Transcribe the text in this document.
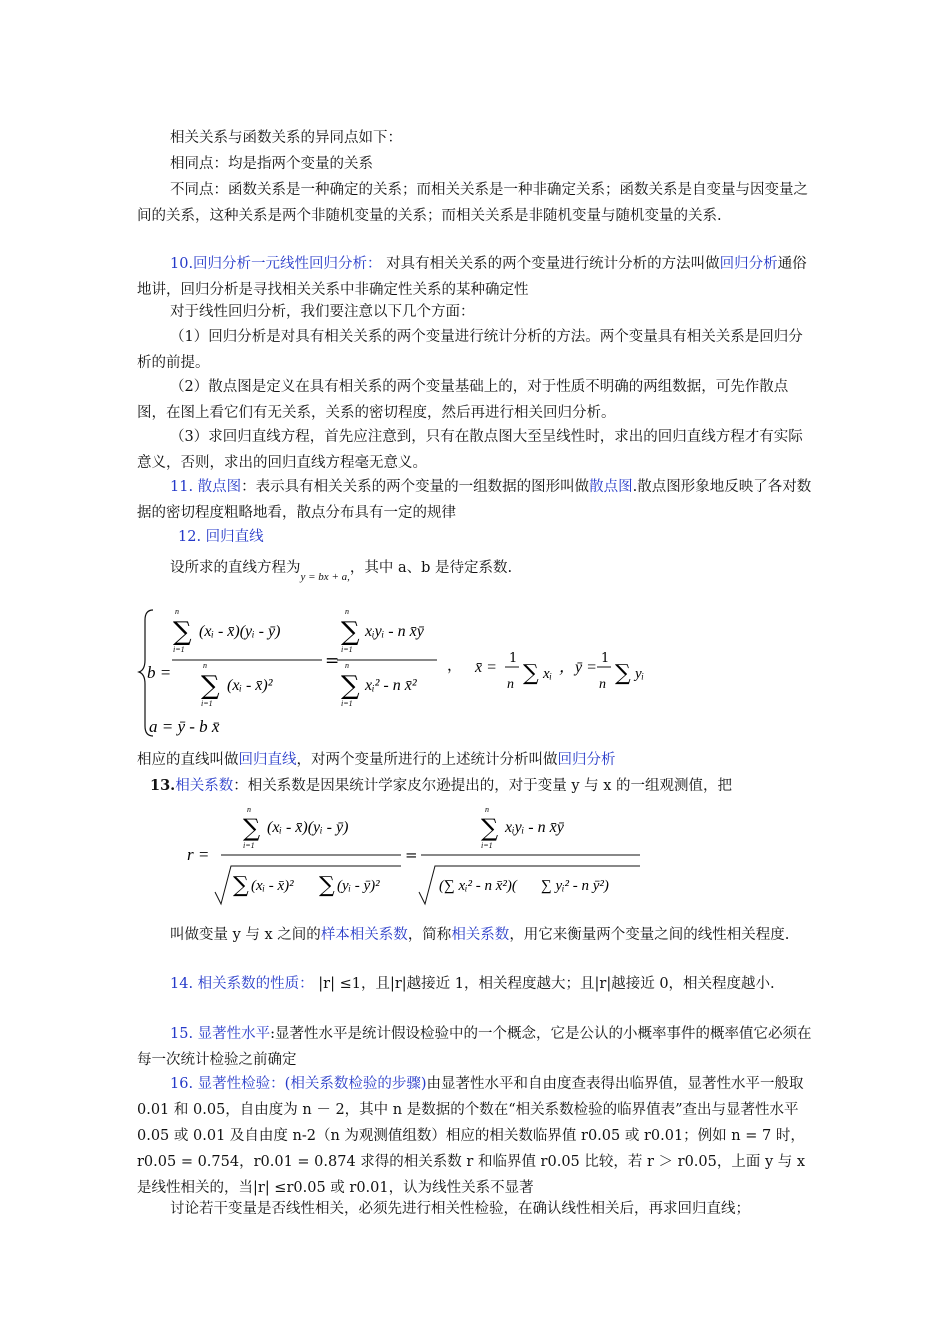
相关关系与函数关系的异同点如下：

相同点：均是指两个变量的关系

不同点：函数关系是一种确定的关系；而相关关系是一种非确定关系；函数关系是自变量与因变量之间的关系，这种关系是两个非随机变量的关系；而相关关系是非随机变量与随机变量的关系.

10.回归分析一元线性回归分析： 对具有相关关系的两个变量进行统计分析的方法叫做回归分析通俗地讲，回归分析是寻找相关关系中非确定性关系的某种确定性

对于线性回归分析，我们要注意以下几个方面：

（1）回归分析是对具有相关关系的两个变量进行统计分析的方法。两个变量具有相关关系是回归分析的前提。

（2）散点图是定义在具有相关系的两个变量基础上的，对于性质不明确的两组数据，可先作散点图，在图上看它们有无关系，关系的密切程度，然后再进行相关回归分析。

（3）求回归直线方程，首先应注意到，只有在散点图大至呈线性时，求出的回归直线方程才有实际意义，否则，求出的回归直线方程毫无意义。

11. 散点图：表示具有相关关系的两个变量的一组数据的图形叫做散点图.散点图形象地反映了各对数据的密切程度粗略地看，散点分布具有一定的规律

12. 回归直线

设所求的直线方程为$_{y = bx + a,}$，其中 a、b 是待定系数.

b =
n
∑
i=1
(xᵢ - x̄)(yᵢ - ȳ)
n
∑
i=1
(xᵢ - x̄)²
=
n
∑
i=1
xᵢyᵢ - n x̄ȳ
n
∑
i=1
xᵢ² - n x̄²
， x̄ =
1
n ∑ xᵢ ，ȳ =
1
n ∑ yᵢ
a = ȳ - b x̄

相应的直线叫做回归直线，对两个变量所进行的上述统计分析叫做回归分析

13.相关系数：相关系数是因果统计学家皮尔逊提出的，对于变量 y 与 x 的一组观测值，把

r =
n
∑
i=1
(xᵢ - x̄)(yᵢ - ȳ)
∑ (xᵢ - x̄)² ∑ (yᵢ - ȳ)²
=
n
∑
i=1
xᵢyᵢ - n x̄ȳ
(∑ xᵢ² - n x̄²)( ∑ yᵢ² - n ȳ²)

叫做变量 y 与 x 之间的样本相关系数，简称相关系数，用它来衡量两个变量之间的线性相关程度.

14. 相关系数的性质： |r| ≤1，且|r|越接近 1，相关程度越大；且|r|越接近 0，相关程度越小.

15. 显著性水平:显著性水平是统计假设检验中的一个概念，它是公认的小概率事件的概率值它必须在每一次统计检验之前确定

16. 显著性检验：(相关系数检验的步骤)由显著性水平和自由度查表得出临界值，显著性水平一般取 0.01 和 0.05，自由度为 n － 2，其中 n 是数据的个数在“相关系数检验的临界值表”查出与显著性水平 0.05 或 0.01 及自由度 n-2（n 为观测值组数）相应的相关数临界值 r0.05 或 r0.01；例如 n = 7 时，r0.05 = 0.754，r0.01 = 0.874 求得的相关系数 r 和临界值 r0.05 比较，若 r ＞ r0.05，上面 y 与 x 是线性相关的，当|r| ≤r0.05 或 r0.01，认为线性关系不显著

讨论若干变量是否线性相关，必须先进行相关性检验，在确认线性相关后，再求回归直线；
